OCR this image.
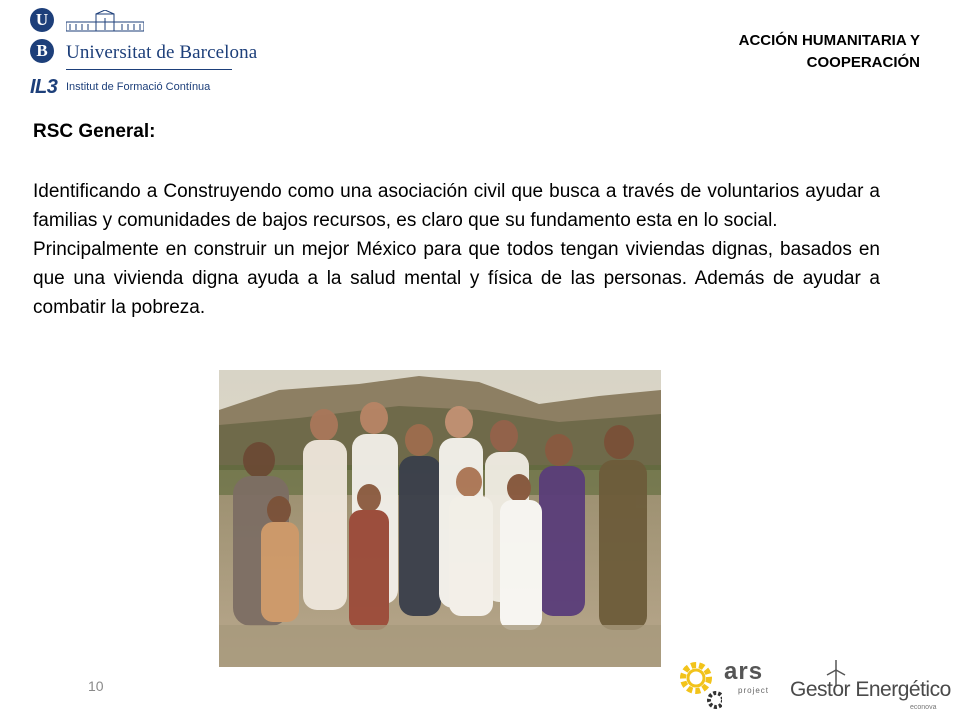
U
B Universitat de Barcelona
IL3 Institut de Formació Contínua
ACCIÓN HUMANITARIA Y
COOPERACIÓN
RSC General:

Identificando a Construyendo como una asociación civil que busca a través de voluntarios ayudar a familias y comunidades de bajos recursos, es claro que su fundamento esta en lo social.

Principalmente en construir un mejor México para que todos tengan viviendas dignas, basados en que una vivienda digna ayuda a la salud mental y física de las personas. Además de ayudar a combatir la pobreza.

10
ars
project Gestor Energético
econova
